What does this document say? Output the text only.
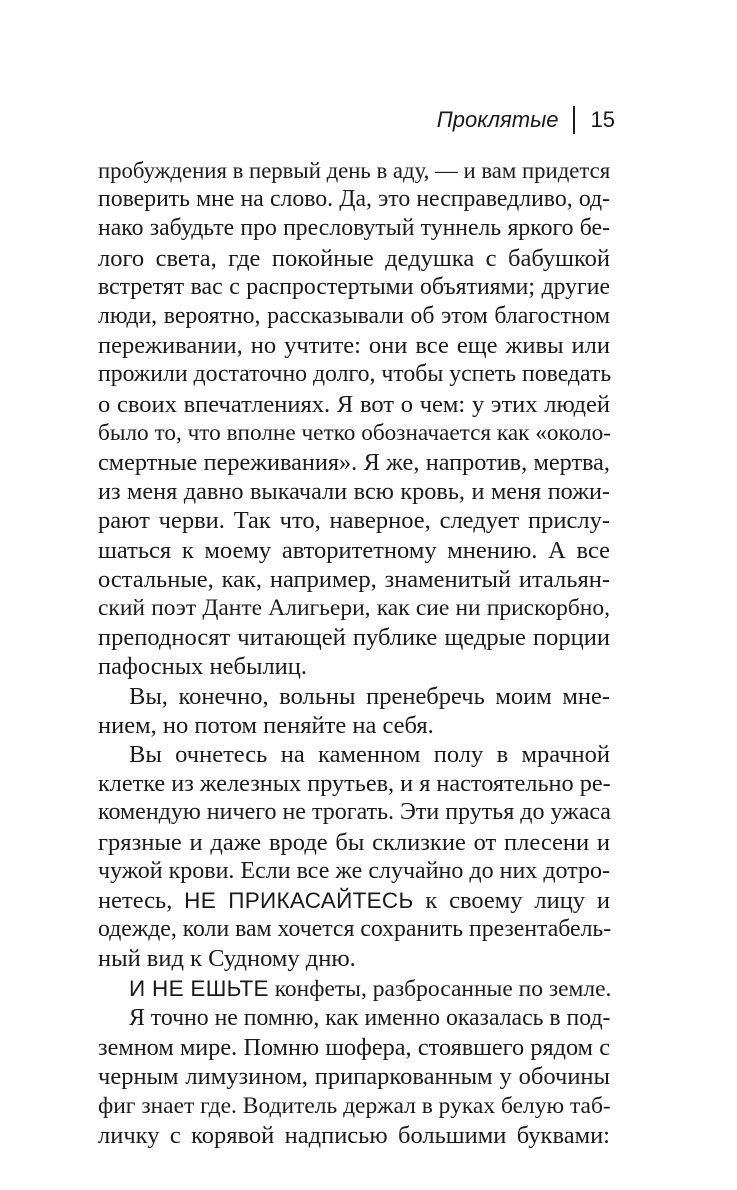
Проклятые 15
пробуждения в первый день в аду, — и вам придется
поверить мне на слово. Да, это несправедливо, од-
нако забудьте про пресловутый туннель яркого бе-
лого света, где покойные дедушка с бабушкой
встретят вас с распростертыми объятиями; другие
люди, вероятно, рассказывали об этом благостном
переживании, но учтите: они все еще живы или
прожили достаточно долго, чтобы успеть поведать
о своих впечатлениях. Я вот о чем: у этих людей
было то, что вполне четко обозначается как «около-
смертные переживания». Я же, напротив, мертва,
из меня давно выкачали всю кровь, и меня пожи-
рают черви. Так что, наверное, следует прислу-
шаться к моему авторитетному мнению. А все
остальные, как, например, знаменитый итальян-
ский поэт Данте Алигьери, как сие ни прискорбно,
преподносят читающей публике щедрые порции
пафосных небылиц.
Вы, конечно, вольны пренебречь моим мне-
нием, но потом пеняйте на себя.
Вы очнетесь на каменном полу в мрачной
клетке из железных прутьев, и я настоятельно ре-
комендую ничего не трогать. Эти прутья до ужаса
грязные и даже вроде бы склизкие от плесени и
чужой крови. Если все же случайно до них дотро-
нетесь, НЕ ПРИКАСАЙТЕСЬ к своему лицу и
одежде, коли вам хочется сохранить презентабель-
ный вид к Судному дню.
И НЕ ЕШЬТЕ конфеты, разбросанные по земле.
Я точно не помню, как именно оказалась в под-
земном мире. Помню шофера, стоявшего рядом с
черным лимузином, припаркованным у обочины
фиг знает где. Водитель держал в руках белую таб-
личку с корявой надписью большими буквами:
